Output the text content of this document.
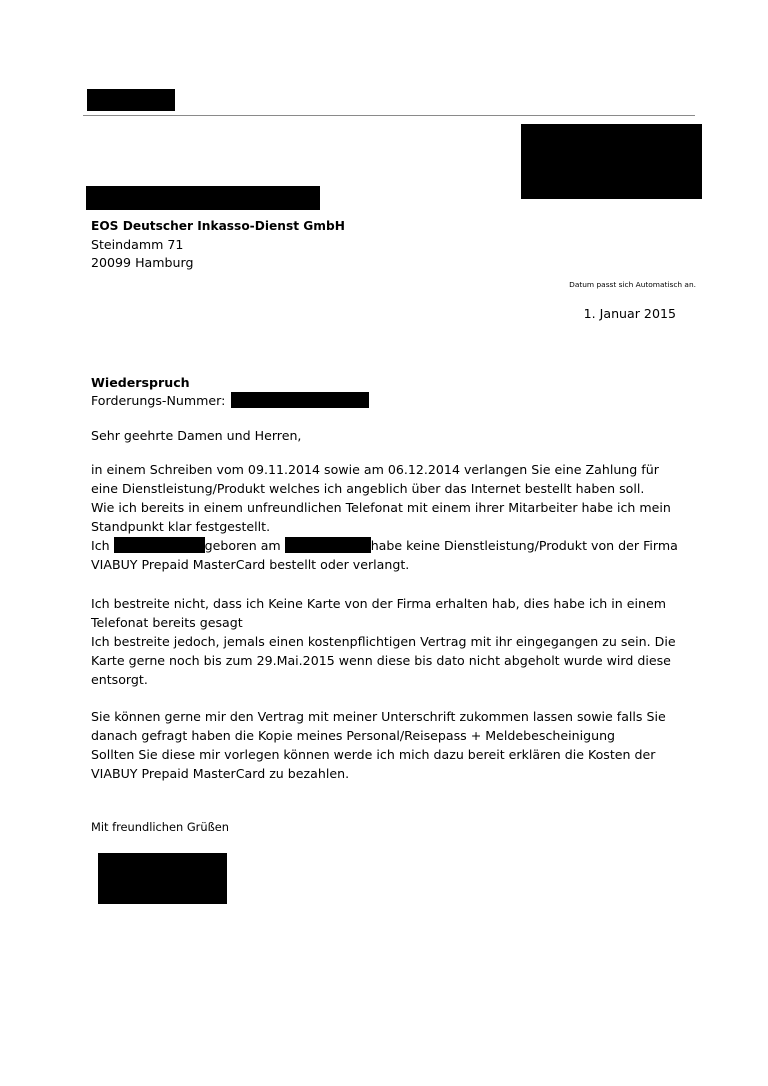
EOS Deutscher Inkasso-Dienst GmbH
Steindamm 71
20099 Hamburg
Datum passt sich Automatisch an.
1. Januar 2015
Wiederspruch
Forderungs-Nummer:
Sehr geehrte Damen und Herren,
in einem Schreiben vom 09.11.2014 sowie am 06.12.2014 verlangen Sie eine Zahlung für
eine Dienstleistung/Produkt welches ich angeblich über das Internet bestellt haben soll.
Wie ich bereits in einem unfreundlichen Telefonat mit einem ihrer Mitarbeiter habe ich mein
Standpunkt klar festgestellt.
Ich	geboren am	habe keine Dienstleistung/Produkt von der Firma
VIABUY Prepaid MasterCard bestellt oder verlangt.
Ich bestreite nicht, dass ich Keine Karte von der Firma erhalten hab, dies habe ich in einem
Telefonat bereits gesagt
Ich bestreite jedoch, jemals einen kostenpflichtigen Vertrag mit ihr eingegangen zu sein. Die
Karte gerne noch bis zum 29.Mai.2015 wenn diese bis dato nicht abgeholt wurde wird diese
entsorgt.
Sie können gerne mir den Vertrag mit meiner Unterschrift zukommen lassen sowie falls Sie
danach gefragt haben die Kopie meines Personal/Reisepass + Meldebescheinigung
Sollten Sie diese mir vorlegen können werde ich mich dazu bereit erklären die Kosten der
VIABUY Prepaid MasterCard zu bezahlen.
Mit freundlichen Grüßen
